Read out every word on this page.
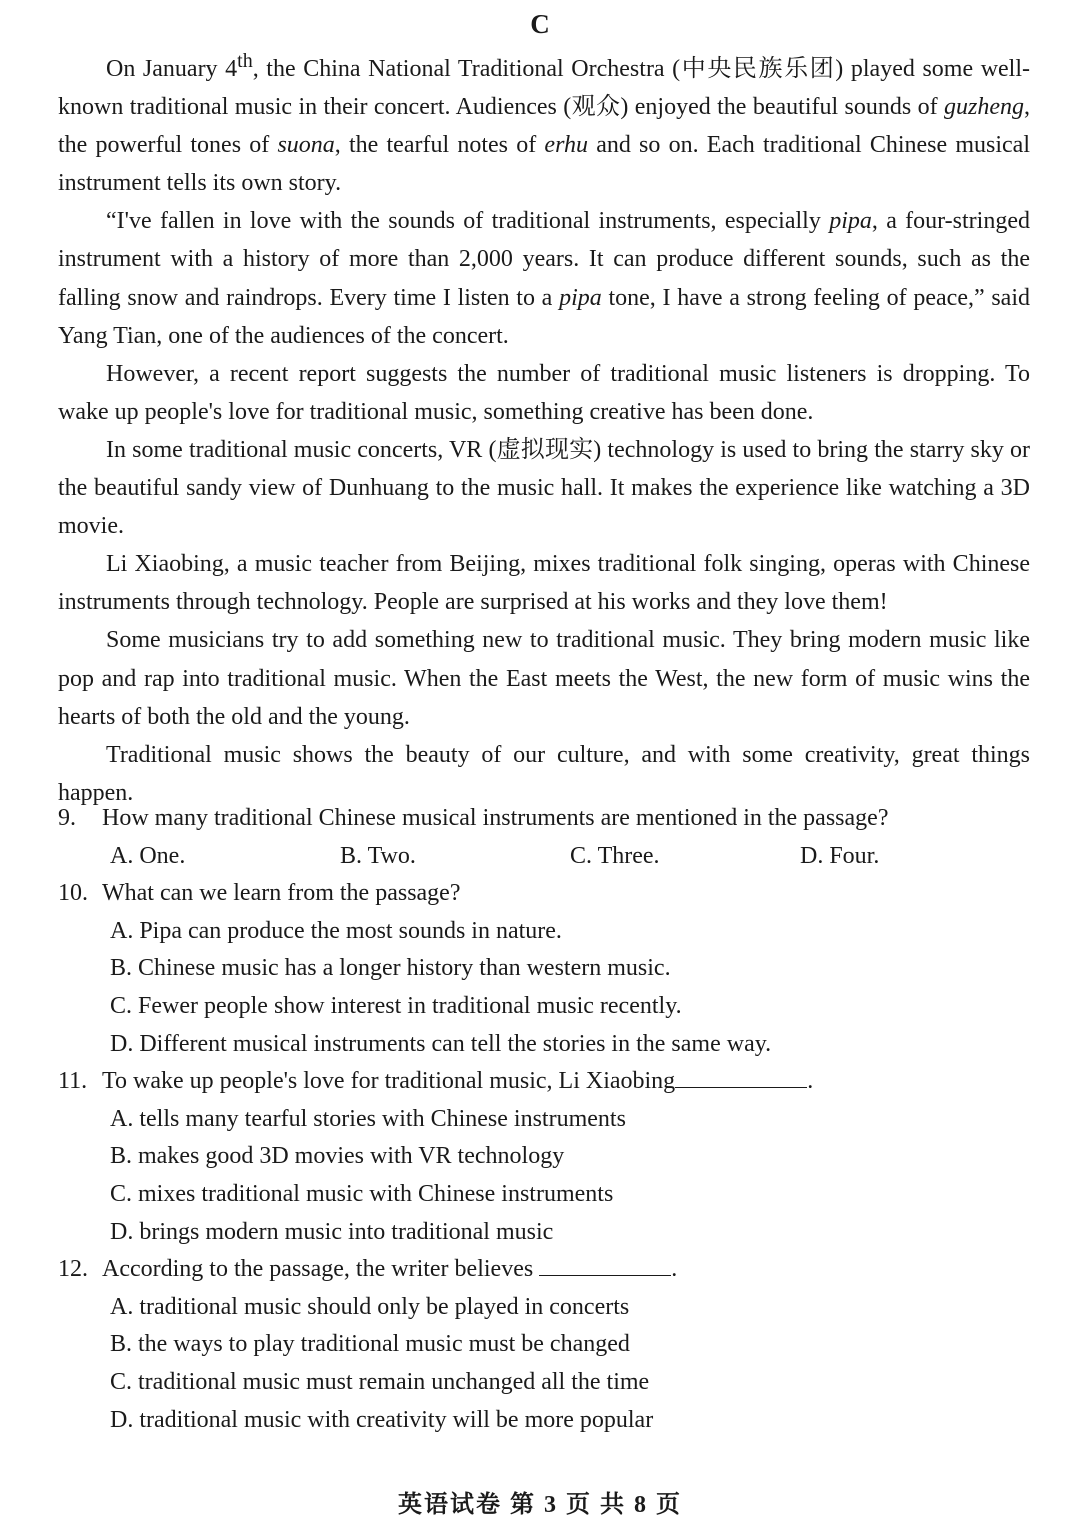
C

On January 4th, the China National Traditional Orchestra (中央民族乐团) played some well-known traditional music in their concert. Audiences (观众) enjoyed the beautiful sounds of guzheng, the powerful tones of suona, the tearful notes of erhu and so on. Each traditional Chinese musical instrument tells its own story.

“I've fallen in love with the sounds of traditional instruments, especially pipa, a four-stringed instrument with a history of more than 2,000 years. It can produce different sounds, such as the falling snow and raindrops. Every time I listen to a pipa tone, I have a strong feeling of peace,” said Yang Tian, one of the audiences of the concert.

However, a recent report suggests the number of traditional music listeners is dropping. To wake up people's love for traditional music, something creative has been done.

In some traditional music concerts, VR (虚拟现实) technology is used to bring the starry sky or the beautiful sandy view of Dunhuang to the music hall. It makes the experience like watching a 3D movie.

Li Xiaobing, a music teacher from Beijing, mixes traditional folk singing, operas with Chinese instruments through technology. People are surprised at his works and they love them!

Some musicians try to add something new to traditional music. They bring modern music like pop and rap into traditional music. When the East meets the West, the new form of music wins the hearts of both the old and the young.

Traditional music shows the beauty of our culture, and with some creativity, great things happen.

9. How many traditional Chinese musical instruments are mentioned in the passage?
A. One.	B. Two.	C. Three.	D. Four.
10. What can we learn from the passage?
A. Pipa can produce the most sounds in nature.
B. Chinese music has a longer history than western music.
C. Fewer people show interest in traditional music recently.
D. Different musical instruments can tell the stories in the same way.
11. To wake up people's love for traditional music, Li Xiaobing	.
A. tells many tearful stories with Chinese instruments
B. makes good 3D movies with VR technology
C. mixes traditional music with Chinese instruments
D. brings modern music into traditional music
12. According to the passage, the writer believes	.
A. traditional music should only be played in concerts
B. the ways to play traditional music must be changed
C. traditional music must remain unchanged all the time
D. traditional music with creativity will be more popular
英语试卷 第 3 页 共 8 页
